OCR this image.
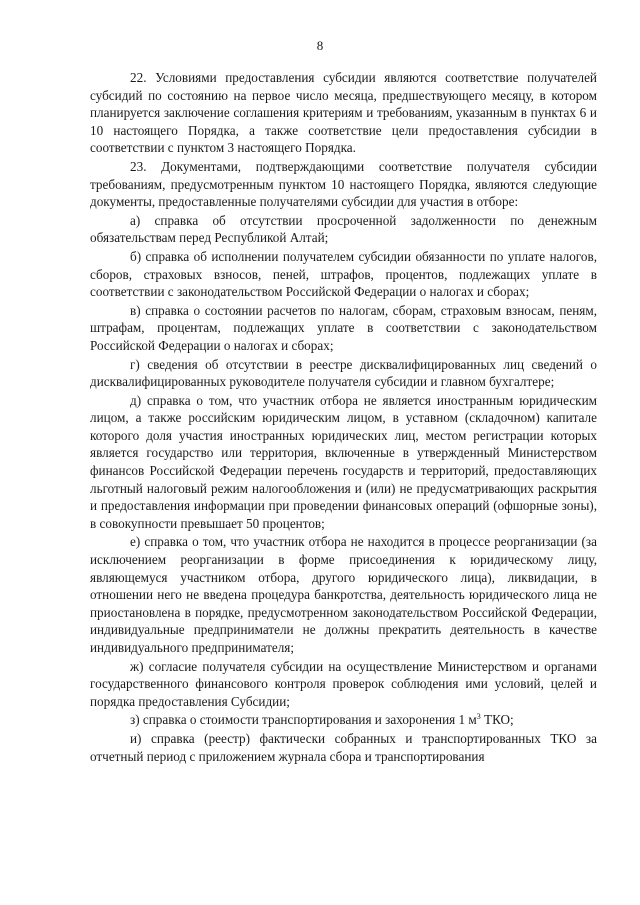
8

22. Условиями предоставления субсидии являются соответствие получателей субсидий по состоянию на первое число месяца, предшествующего месяцу, в котором планируется заключение соглашения критериям и требованиям, указанным в пунктах 6 и 10 настоящего Порядка, а также соответствие цели предоставления субсидии в соответствии с пунктом 3 настоящего Порядка.

23. Документами, подтверждающими соответствие получателя субсидии требованиям, предусмотренным пунктом 10 настоящего Порядка, являются следующие документы, предоставленные получателями субсидии для участия в отборе:

а) справка об отсутствии просроченной задолженности по денежным обязательствам перед Республикой Алтай;

б) справка об исполнении получателем субсидии обязанности по уплате налогов, сборов, страховых взносов, пеней, штрафов, процентов, подлежащих уплате в соответствии с законодательством Российской Федерации о налогах и сборах;

в) справка о состоянии расчетов по налогам, сборам, страховым взносам, пеням, штрафам, процентам, подлежащих уплате в соответствии с законодательством Российской Федерации о налогах и сборах;

г) сведения об отсутствии в реестре дисквалифицированных лиц сведений о дисквалифицированных руководителе получателя субсидии и главном бухгалтере;

д) справка о том, что участник отбора не является иностранным юридическим лицом, а также российским юридическим лицом, в уставном (складочном) капитале которого доля участия иностранных юридических лиц, местом регистрации которых является государство или территория, включенные в утвержденный Министерством финансов Российской Федерации перечень государств и территорий, предоставляющих льготный налоговый режим налогообложения и (или) не предусматривающих раскрытия и предоставления информации при проведении финансовых операций (офшорные зоны), в совокупности превышает 50 процентов;

е) справка о том, что участник отбора не находится в процессе реорганизации (за исключением реорганизации в форме присоединения к юридическому лицу, являющемуся участником отбора, другого юридического лица), ликвидации, в отношении него не введена процедура банкротства, деятельность юридического лица не приостановлена в порядке, предусмотренном законодательством Российской Федерации, индивидуальные предприниматели не должны прекратить деятельность в качестве индивидуального предпринимателя;

ж) согласие получателя субсидии на осуществление Министерством и органами государственного финансового контроля проверок соблюдения ими условий, целей и порядка предоставления Субсидии;

з) справка о стоимости транспортирования и захоронения 1 $м^3$ ТКО;

и) справка (реестр) фактически собранных и транспортированных ТКО за отчетный период с приложением журнала сбора и транспортирования
